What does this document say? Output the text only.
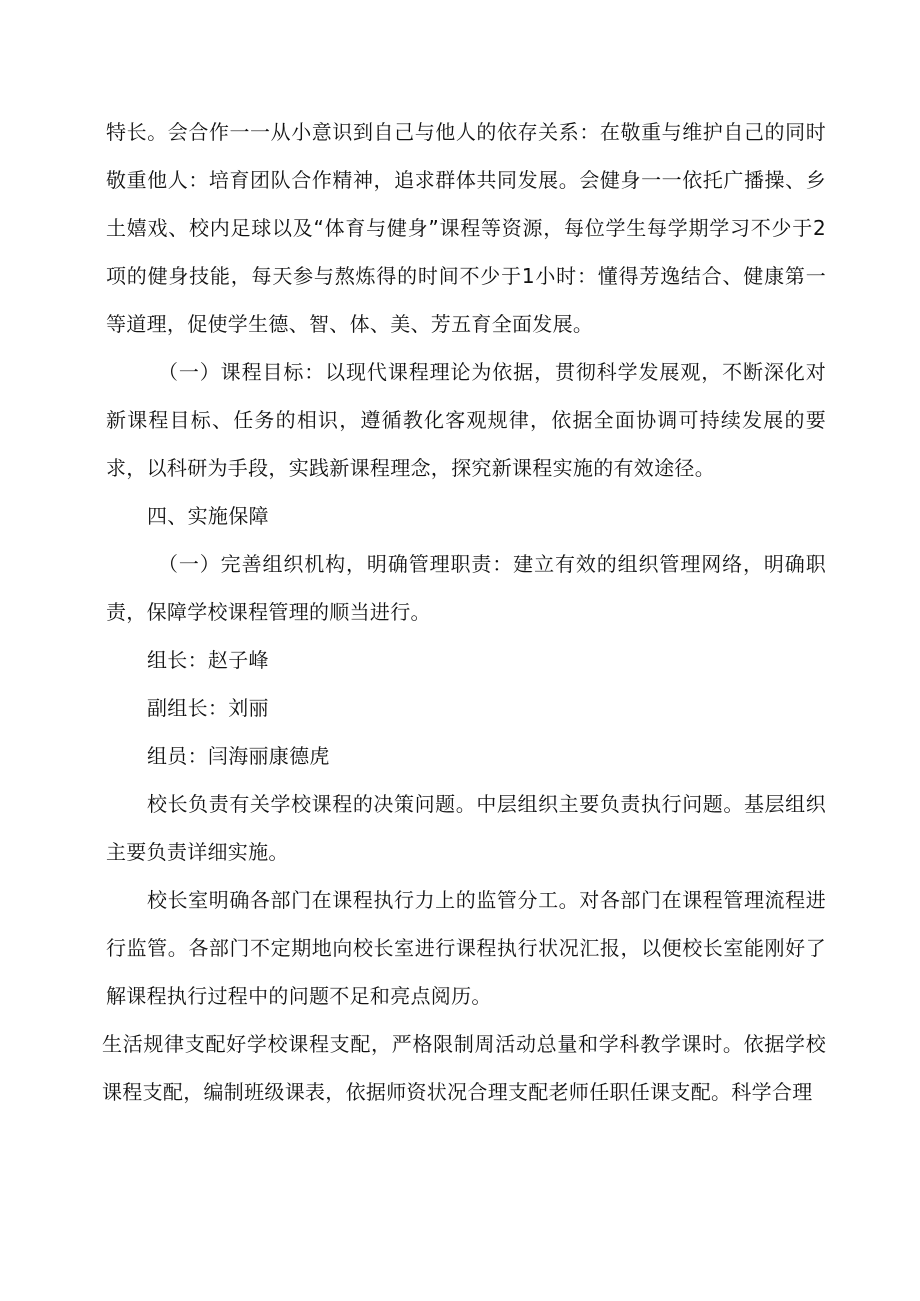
特长。会合作一一从小意识到自己与他人的依存关系：在敬重与维护自己的同时敬重他人：培育团队合作精神，追求群体共同发展。会健身一一依托广播操、乡土嬉戏、校内足球以及“体育与健身”课程等资源，每位学生每学期学习不少于2项的健身技能，每天参与熬炼得的时间不少于1小时：懂得芳逸结合、健康第一等道理，促使学生德、智、体、美、芳五育全面发展。

（一）课程目标：以现代课程理论为依据，贯彻科学发展观，不断深化对新课程目标、任务的相识，遵循教化客观规律，依据全面协调可持续发展的要求，以科研为手段，实践新课程理念，探究新课程实施的有效途径。

四、实施保障

（一）完善组织机构，明确管理职责：建立有效的组织管理网络，明确职责，保障学校课程管理的顺当进行。

组长：赵子峰

副组长：刘丽

组员：闫海丽康德虎

校长负责有关学校课程的决策问题。中层组织主要负责执行问题。基层组织主要负责详细实施。

校长室明确各部门在课程执行力上的监管分工。对各部门在课程管理流程进行监管。各部门不定期地向校长室进行课程执行状况汇报，以便校长室能刚好了解课程执行过程中的问题不足和亮点阅历。

生活规律支配好学校课程支配，严格限制周活动总量和学科教学课时。依据学校课程支配，编制班级课表，依据师资状况合理支配老师任职任课支配。科学合理
